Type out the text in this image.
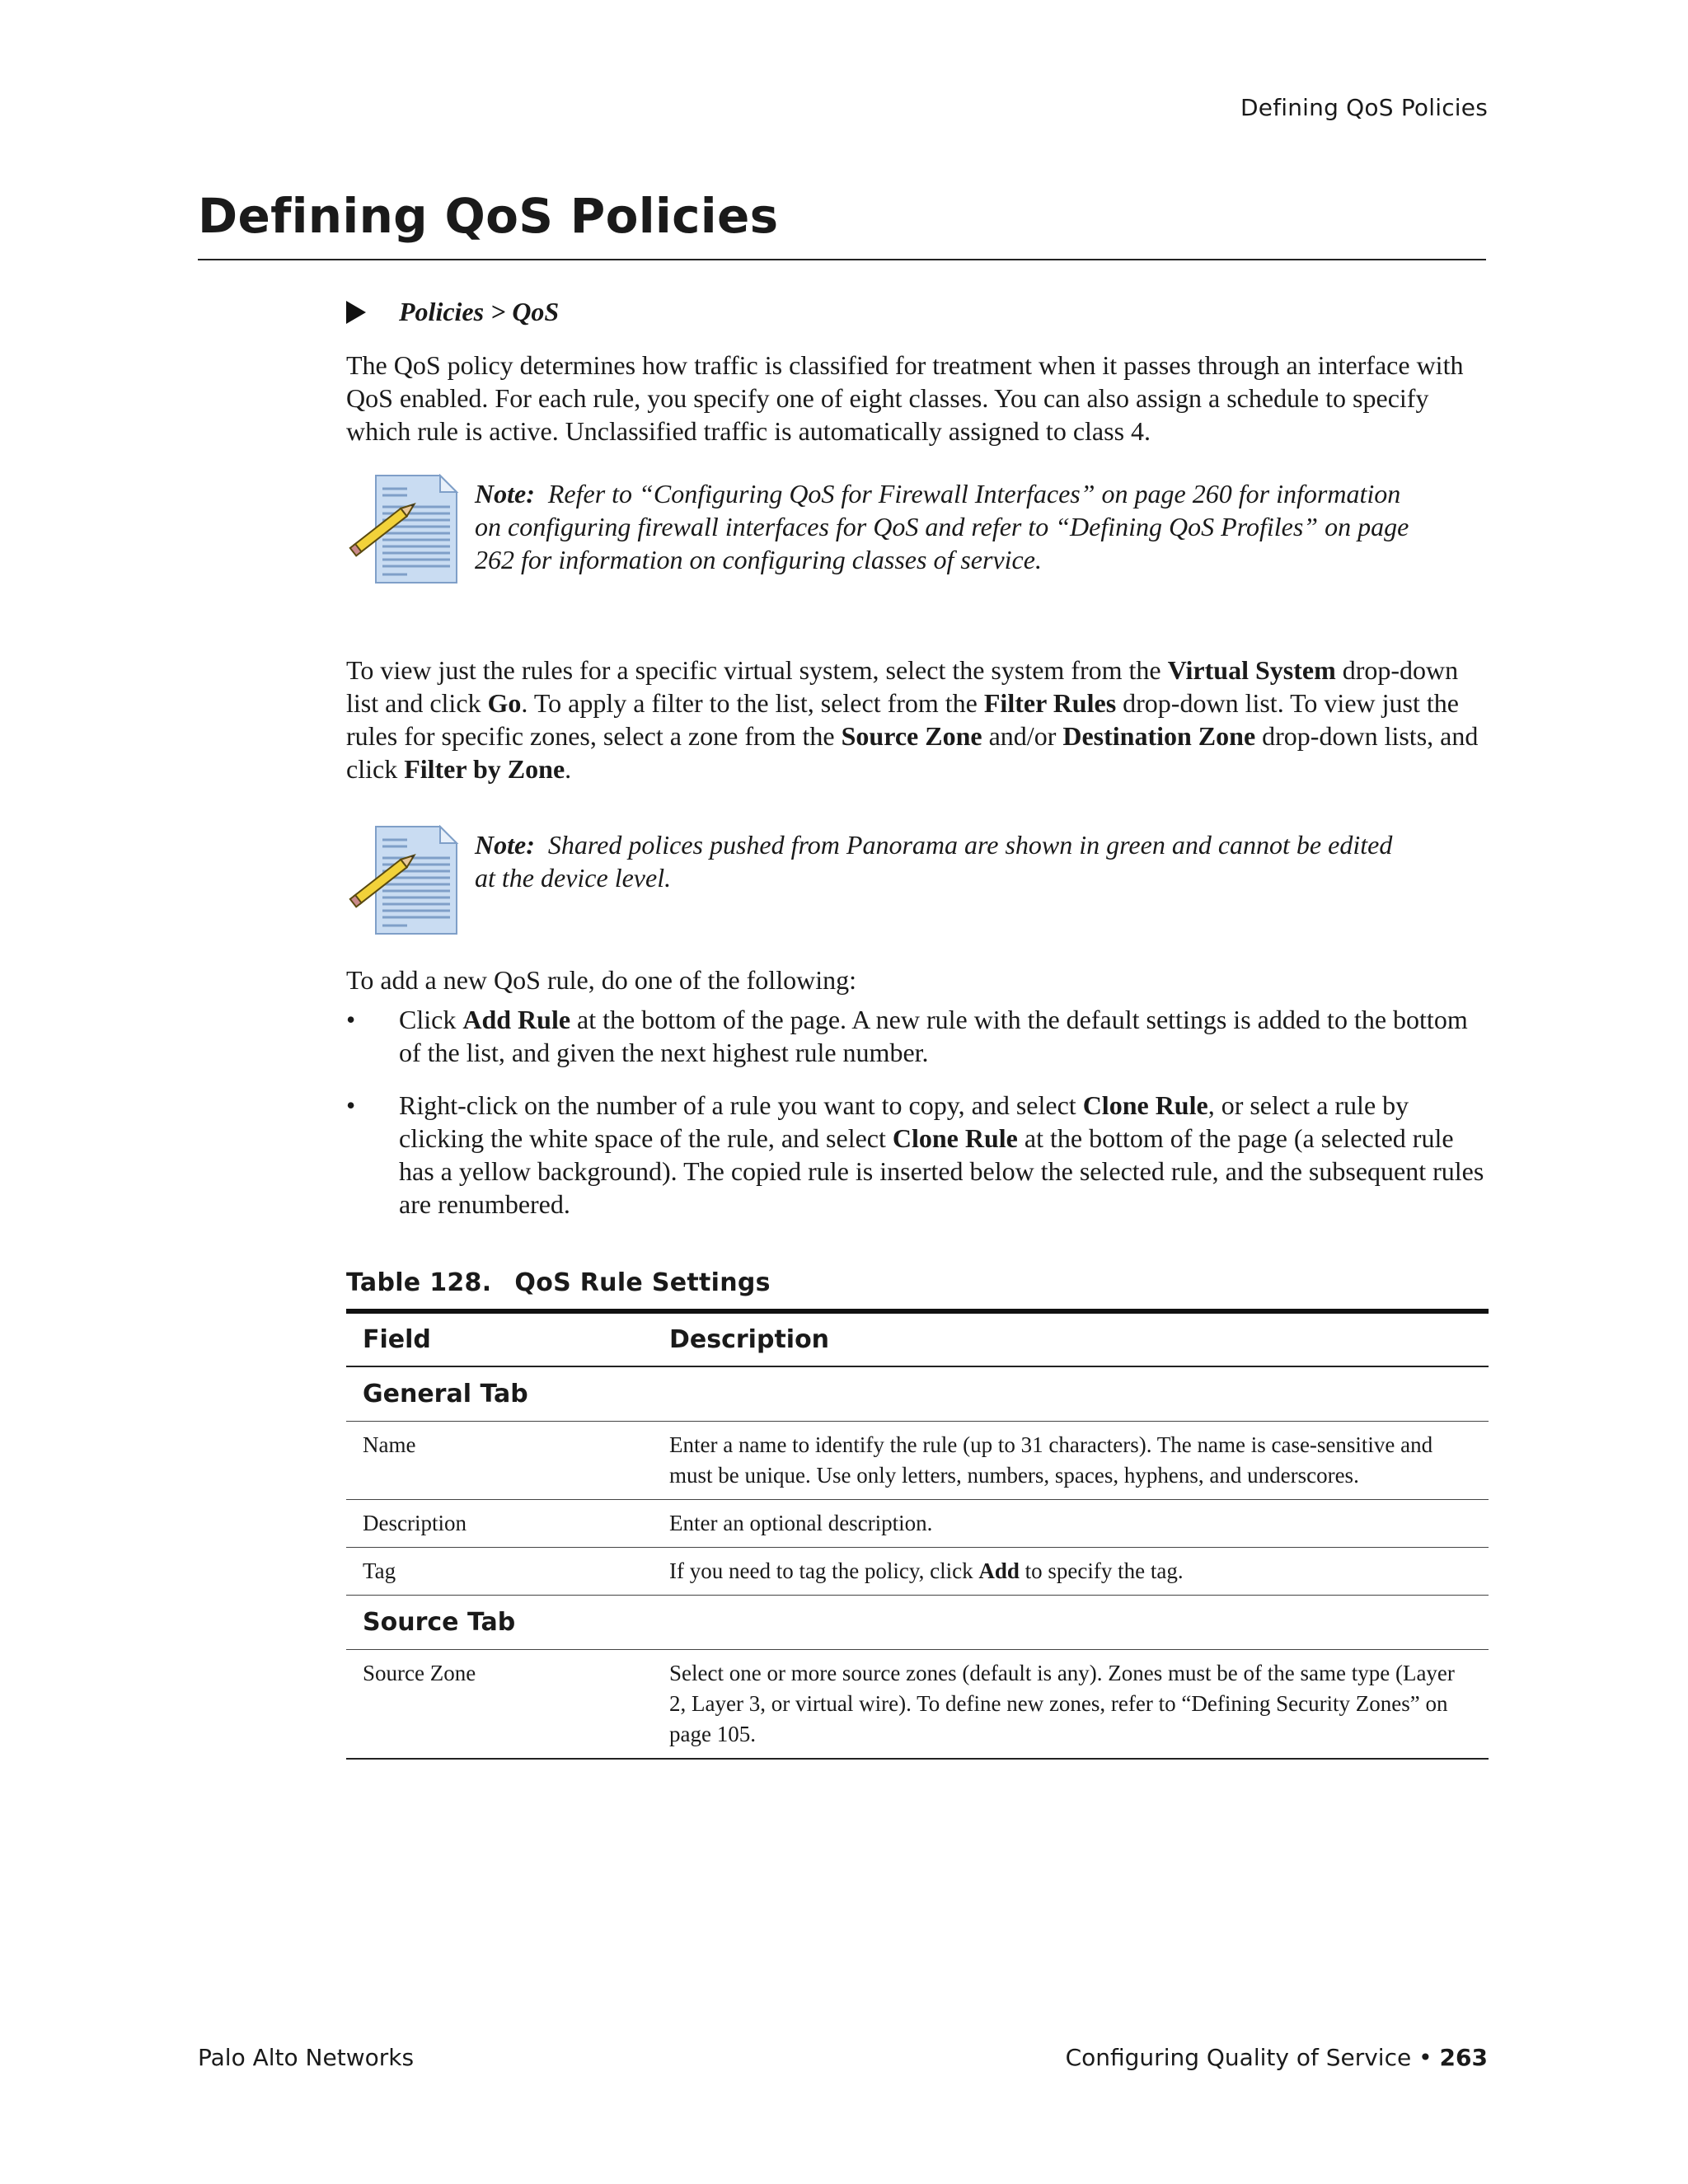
Defining QoS Policies
Defining QoS Policies
Policies > QoS

The QoS policy determines how traffic is classified for treatment when it passes through an interface with QoS enabled. For each rule, you specify one of eight classes. You can also assign a schedule to specify which rule is active. Unclassified traffic is automatically assigned to class 4.

Note: Refer to “Configuring QoS for Firewall Interfaces” on page 260 for information on configuring firewall interfaces for QoS and refer to “Defining QoS Profiles” on page 262 for information on configuring classes of service.

To view just the rules for a specific virtual system, select the system from the Virtual System drop-down list and click Go. To apply a filter to the list, select from the Filter Rules drop-down list. To view just the rules for specific zones, select a zone from the Source Zone and/or Destination Zone drop-down lists, and click Filter by Zone.

Note: Shared polices pushed from Panorama are shown in green and cannot be edited at the device level.

To add a new QoS rule, do one of the following:

• Click Add Rule at the bottom of the page. A new rule with the default settings is added to the bottom of the list, and given the next highest rule number.
• Right-click on the number of a rule you want to copy, and select Clone Rule, or select a rule by clicking the white space of the rule, and select Clone Rule at the bottom of the page (a selected rule has a yellow background). The copied rule is inserted below the selected rule, and the subsequent rules are renumbered.
Table 128. QoS Rule Settings
Field	Description
General Tab	
Name	Enter a name to identify the rule (up to 31 characters). The name is case-sensitive and must be unique. Use only letters, numbers, spaces, hyphens, and underscores.
Description	Enter an optional description.
Tag	If you need to tag the policy, click Add to specify the tag.
Source Tab	
Source Zone	Select one or more source zones (default is any). Zones must be of the same type (Layer 2, Layer 3, or virtual wire). To define new zones, refer to “Defining Security Zones” on page 105.
Palo Alto Networks	Configuring Quality of Service • 263
